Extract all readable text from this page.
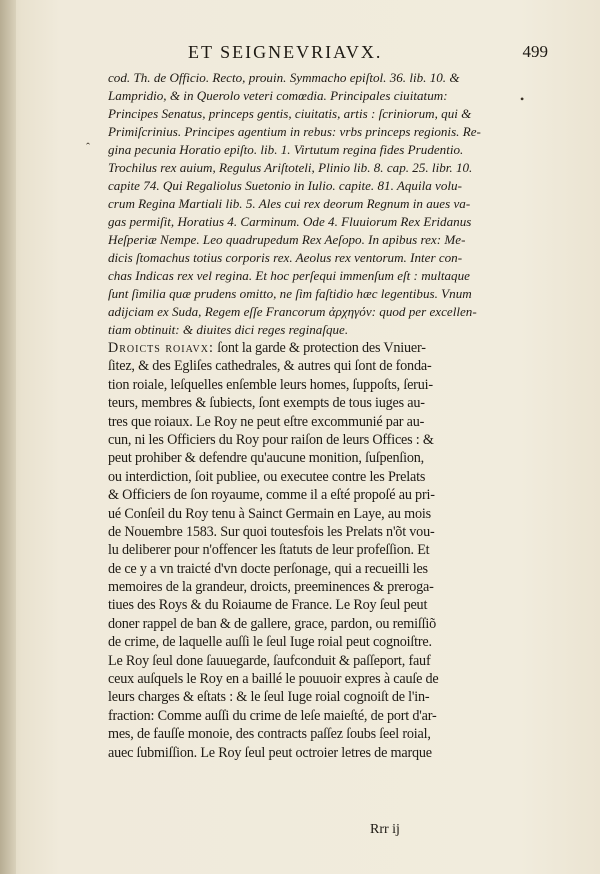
ET SEIGNEVRIAVX.	499
•
ˆ
cod. Th. de Officio. Recto, prouin. Symmacho epiſtol. 36. lib. 10. &
Lampridio, & in Querolo veteri comœdia. Principales ciuitatum:
Principes Senatus, princeps gentis, ciuitatis, artis : ſcriniorum, qui &
Primiſcrinius. Principes agentium in rebus: vrbs princeps regionis. Re-
gina pecunia Horatio epiſto. lib. 1. Virtutum regina fides Prudentio.
Trochilus rex auium, Regulus Ariſtoteli, Plinio lib. 8. cap. 25. libr. 10.
capite 74. Qui Regaliolus Suetonio in Iulio. capite. 81. Aquila volu-
crum Regina Martiali lib. 5. Ales cui rex deorum Regnum in aues va-
gas permiſit, Horatius 4. Carminum. Ode 4. Fluuiorum Rex Eridanus
Heſperiæ Nempe. Leo quadrupedum Rex Aeſopo. In apibus rex: Me-
dicis ſtomachus totius corporis rex. Aeolus rex ventorum. Inter con-
chas Indicas rex vel regina. Et hoc perſequi immenſum eſt : multaque
ſunt ſimilia quæ prudens omitto, ne ſim faſtidio hæc legentibus. Vnum
adijciam ex Suda, Regem eſſe Francorum ἀρχηγόν: quod per excellen-
tiam obtinuit: & diuites dici reges reginaſque.
Droicts roiavx: ſont la garde & protection des Vniuer-
ſitez, & des Egliſes cathedrales, & autres qui ſont de fonda-
tion roiale, leſquelles enſemble leurs homes, ſuppoſts, ſerui-
teurs, membres & ſubiects, ſont exempts de tous iuges au-
tres que roiaux. Le Roy ne peut eſtre excommunié par au-
cun, ni les Officiers du Roy pour raiſon de leurs Offices : &
peut prohiber & defendre qu'aucune monition, ſuſpenſion,
ou interdiction, ſoit publiee, ou executee contre les Prelats
& Officiers de ſon royaume, comme il a eſté propoſé au pri-
ué Conſeil du Roy tenu à Sainct Germain en Laye, au mois
de Nouembre 1583. Sur quoi toutesfois les Prelats n'õt vou-
lu deliberer pour n'offencer les ſtatuts de leur profeſſion. Et
de ce y a vn traicté d'vn docte perſonage, qui a recueilli les
memoires de la grandeur, droicts, preeminences & preroga-
tiues des Roys & du Roiaume de France. Le Roy ſeul peut
doner rappel de ban & de gallere, grace, pardon, ou remiſſiõ
de crime, de laquelle auſſi le ſeul Iuge roial peut cognoiſtre.
Le Roy ſeul done ſauuegarde, ſaufconduit & paſſeport, fauf
ceux auſquels le Roy en a baillé le pouuoir expres à cauſe de
leurs charges & eſtats : & le ſeul Iuge roial cognoiſt de l'in-
fraction: Comme auſſi du crime de leſe maieſté, de port d'ar-
mes, de fauſſe monoie, des contracts paſſez ſoubs ſeel roial,
auec ſubmiſſion. Le Roy ſeul peut octroier letres de marque
Rrr ij
